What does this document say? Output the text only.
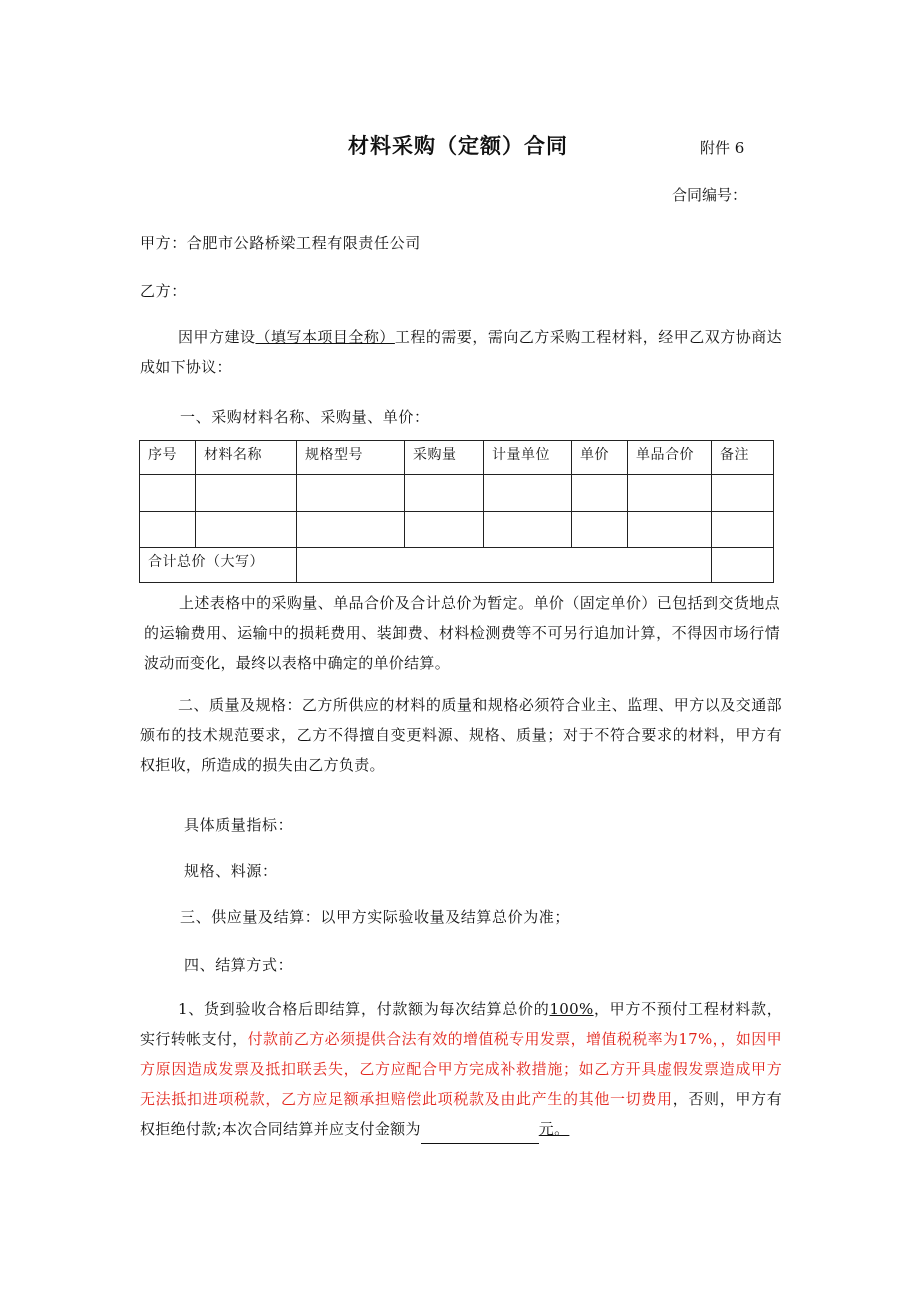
材料采购（定额）合同	附件 6
合同编号：
甲方：合肥市公路桥梁工程有限责任公司
乙方：
因甲方建设（填写本项目全称）工程的需要，需向乙方采购工程材料，经甲乙双方协商达成如下协议：
一、采购材料名称、采购量、单价：
序号	材料名称	规格型号	采购量	计量单位	单价	单品合价	备注

合计总价（大写）							
上述表格中的采购量、单品合价及合计总价为暂定。单价（固定单价）已包括到交货地点的运输费用、运输中的损耗费用、装卸费、材料检测费等不可另行追加计算，不得因市场行情波动而变化，最终以表格中确定的单价结算。
二、质量及规格：乙方所供应的材料的质量和规格必须符合业主、监理、甲方以及交通部颁布的技术规范要求，乙方不得擅自变更料源、规格、质量；对于不符合要求的材料，甲方有权拒收，所造成的损失由乙方负责。
具体质量指标：
规格、料源：
三、供应量及结算：以甲方实际验收量及结算总价为准；
四、结算方式：
1、货到验收合格后即结算，付款额为每次结算总价的100%，甲方不预付工程材料款，实行转帐支付，付款前乙方必须提供合法有效的增值税专用发票，增值税税率为17%，，如因甲方原因造成发票及抵扣联丢失，乙方应配合甲方完成补救措施；如乙方开具虚假发票造成甲方无法抵扣进项税款，乙方应足额承担赔偿此项税款及由此产生的其他一切费用，否则，甲方有权拒绝付款;本次合同结算并应支付金额为	元。
